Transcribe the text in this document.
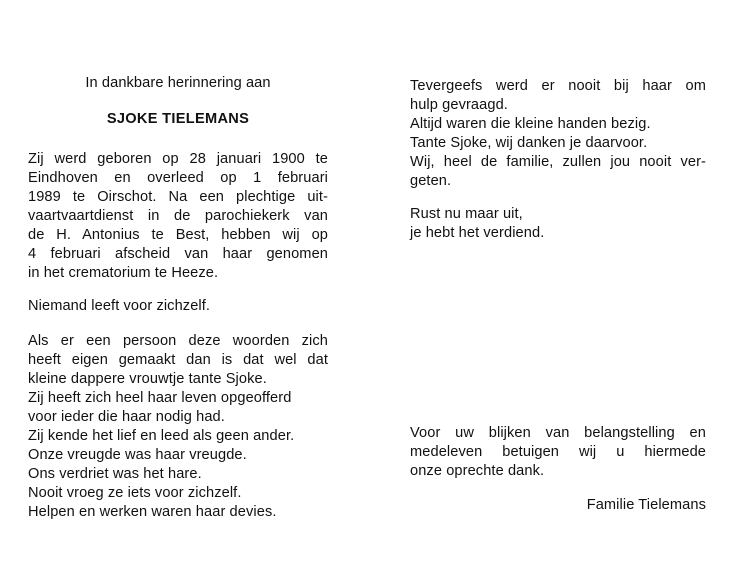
In dankbare herinnering aan
SJOKE TIELEMANS
Zij werd geboren op 28 januari 1900 te
Eindhoven en overleed op 1 februari
1989 te Oirschot. Na een plechtige uit-
vaartvaartdienst in de parochiekerk van
de H. Antonius te Best, hebben wij op
4 februari afscheid van haar genomen
in het crematorium te Heeze.
Niemand leeft voor zichzelf.
Als er een persoon deze woorden zich
heeft eigen gemaakt dan is dat wel dat
kleine dappere vrouwtje tante Sjoke.
Zij heeft zich heel haar leven opgeofferd
voor ieder die haar nodig had.
Zij kende het lief en leed als geen ander.
Onze vreugde was haar vreugde.
Ons verdriet was het hare.
Nooit vroeg ze iets voor zichzelf.
Helpen en werken waren haar devies.
Tevergeefs werd er nooit bij haar om
hulp gevraagd.
Altijd waren die kleine handen bezig.
Tante Sjoke, wij danken je daarvoor.
Wij, heel de familie, zullen jou nooit ver-
geten.
Rust nu maar uit,
je hebt het verdiend.
Voor uw blijken van belangstelling en
medeleven betuigen wij u hiermede
onze oprechte dank.
Familie Tielemans
